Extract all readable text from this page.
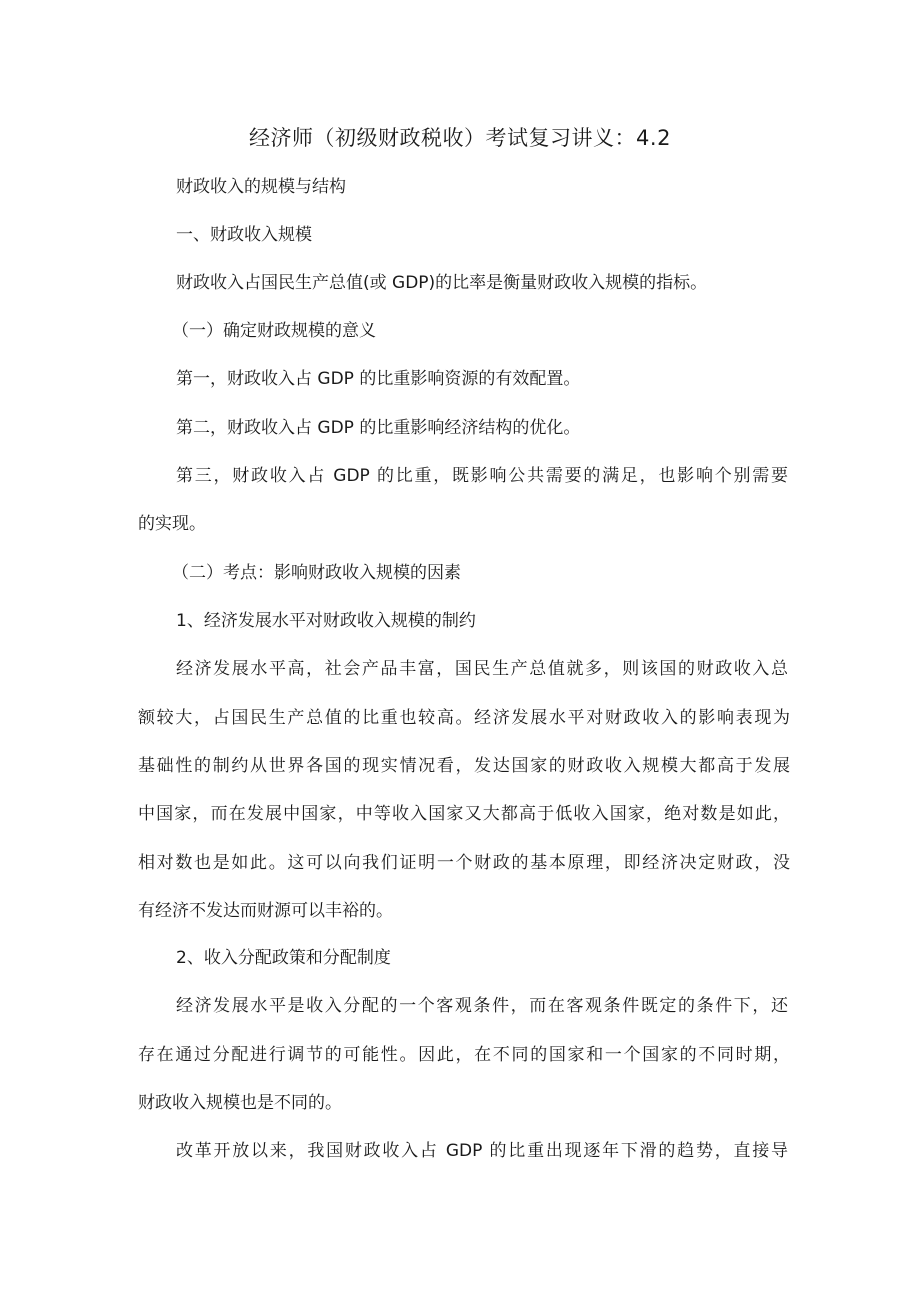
经济师（初级财政税收）考试复习讲义：4.2
财政收入的规模与结构
一、财政收入规模
财政收入占国民生产总值(或 GDP)的比率是衡量财政收入规模的指标。
（一）确定财政规模的意义
第一，财政收入占 GDP 的比重影响资源的有效配置。
第二，财政收入占 GDP 的比重影响经济结构的优化。
第三，财政收入占 GDP 的比重，既影响公共需要的满足，也影响个别需要
的实现。
（二）考点：影响财政收入规模的因素
1、经济发展水平对财政收入规模的制约
经济发展水平高，社会产品丰富，国民生产总值就多，则该国的财政收入总
额较大，占国民生产总值的比重也较高。经济发展水平对财政收入的影响表现为
基础性的制约从世界各国的现实情况看，发达国家的财政收入规模大都高于发展
中国家，而在发展中国家，中等收入国家又大都高于低收入国家，绝对数是如此，
相对数也是如此。这可以向我们证明一个财政的基本原理，即经济决定财政，没
有经济不发达而财源可以丰裕的。
2、收入分配政策和分配制度
经济发展水平是收入分配的一个客观条件，而在客观条件既定的条件下，还
存在通过分配进行调节的可能性。因此，在不同的国家和一个国家的不同时期，
财政收入规模也是不同的。
改革开放以来，我国财政收入占 GDP 的比重出现逐年下滑的趋势，直接导
